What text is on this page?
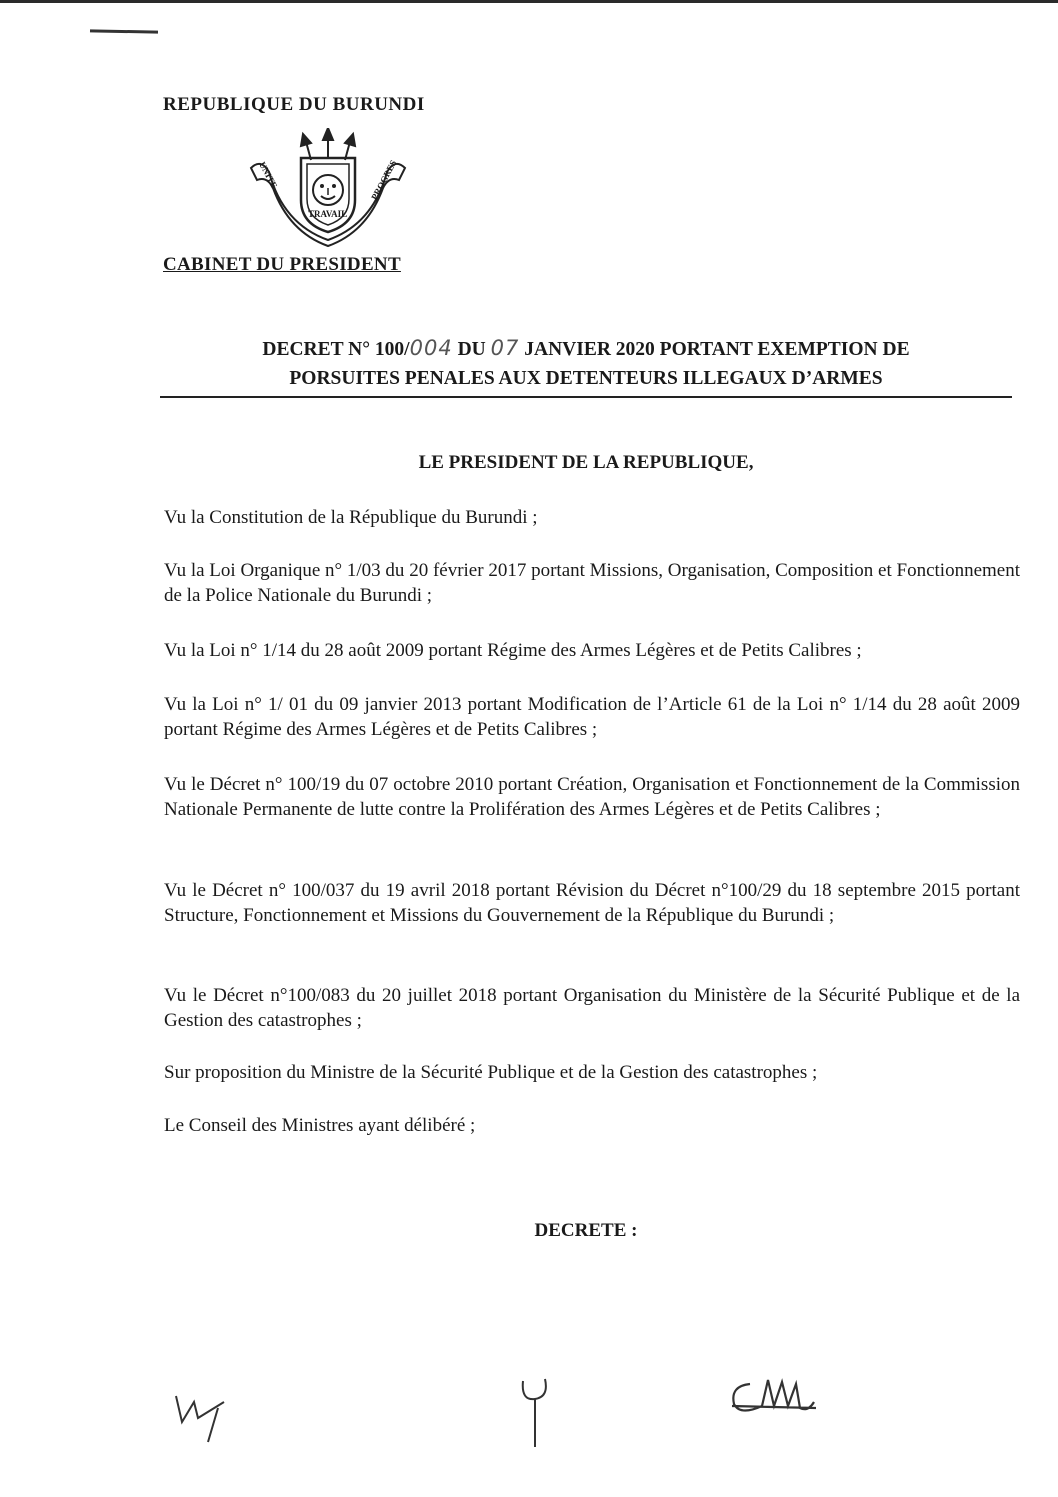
REPUBLIQUE DU BURUNDI
UNITE
TRAVAIL
PROGRES
CABINET DU PRESIDENT
DECRET N° 100/004 DU 07 JANVIER 2020 PORTANT EXEMPTION DE
PORSUITES PENALES AUX DETENTEURS ILLEGAUX D’ARMES
LE PRESIDENT DE LA REPUBLIQUE,
Vu la Constitution de la République du Burundi ;
Vu la Loi Organique n° 1/03 du 20 février 2017 portant Missions, Organisation, Composition et Fonctionnement de la Police Nationale du Burundi ;
Vu la Loi n° 1/14 du 28 août 2009 portant Régime des Armes Légères et de Petits Calibres ;
Vu la Loi n° 1/ 01 du 09 janvier 2013 portant Modification de l’Article 61 de la Loi n° 1/14 du 28 août 2009 portant Régime des Armes Légères et de Petits Calibres ;
Vu le Décret n° 100/19 du 07 octobre 2010 portant Création, Organisation et Fonctionnement de la Commission Nationale Permanente de lutte contre la Prolifération des Armes Légères et de Petits Calibres ;
Vu le Décret n° 100/037 du 19 avril 2018 portant Révision du Décret n°100/29 du 18 septembre 2015 portant Structure, Fonctionnement et Missions du Gouvernement de la République du Burundi ;
Vu le Décret n°100/083 du 20 juillet 2018 portant Organisation du Ministère de la Sécurité Publique et de la Gestion des catastrophes ;
Sur proposition du Ministre de la Sécurité Publique et de la Gestion des catastrophes ;
Le Conseil des Ministres ayant délibéré ;
DECRETE :
